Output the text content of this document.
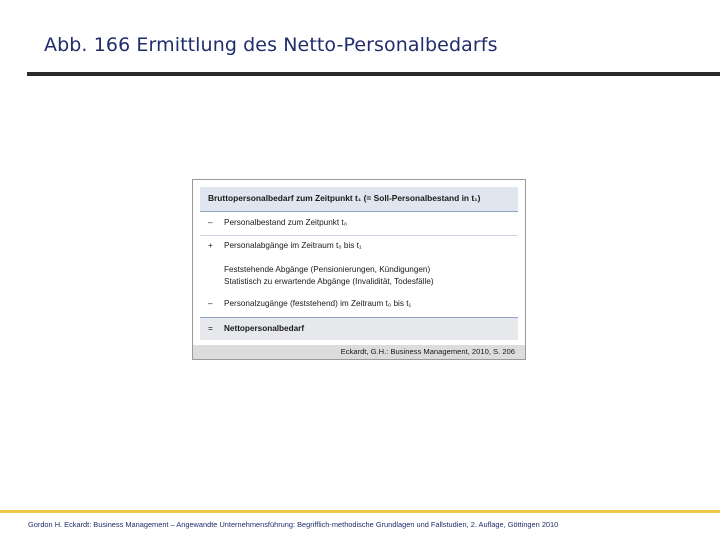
Abb. 166 Ermittlung des Netto-Personalbedarfs
Bruttopersonalbedarf zum Zeitpunkt t₁ (= Soll-Personalbestand in t₁)
–	Personalbestand zum Zeitpunkt t₀
+	Personalabgänge im Zeitraum t₀ bis t₁
Feststehende Abgänge (Pensionierungen, Kündigungen)
Statistisch zu erwartende Abgänge (Invalidität, Todesfälle)
–	Personalzugänge (feststehend) im Zeitraum t₀ bis t₁
= Nettopersonalbedarf
Eckardt, G.H.: Business Management, 2010, S. 206
Gordon H. Eckardt: Business Management – Angewandte Unternehmensführung: Begrifflich-methodische Grundlagen und Fallstudien, 2. Auflage, Göttingen 2010
